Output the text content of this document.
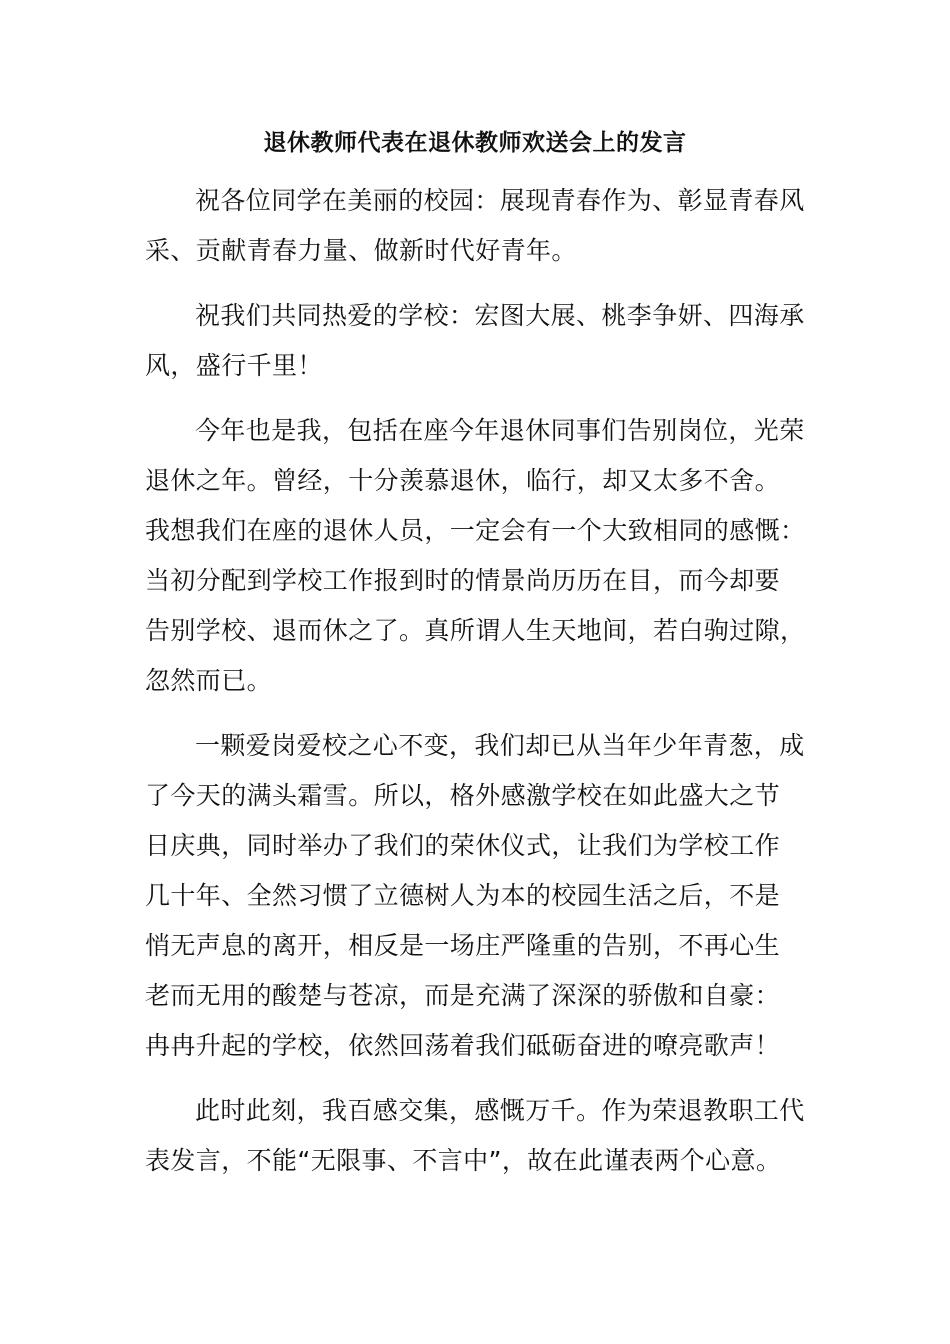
退休教师代表在退休教师欢送会上的发言

祝各位同学在美丽的校园：展现青春作为、彰显青春风
采、贡献青春力量、做新时代好青年。

祝我们共同热爱的学校：宏图大展、桃李争妍、四海承
风，盛行千里！

今年也是我，包括在座今年退休同事们告别岗位，光荣
退休之年。曾经，十分羡慕退休，临行，却又太多不舍。
我想我们在座的退休人员，一定会有一个大致相同的感慨：
当初分配到学校工作报到时的情景尚历历在目，而今却要
告别学校、退而休之了。真所谓人生天地间，若白驹过隙，
忽然而已。

一颗爱岗爱校之心不变，我们却已从当年少年青葱，成
了今天的满头霜雪。所以，格外感激学校在如此盛大之节
日庆典，同时举办了我们的荣休仪式，让我们为学校工作
几十年、全然习惯了立德树人为本的校园生活之后，不是
悄无声息的离开，相反是一场庄严隆重的告别，不再心生
老而无用的酸楚与苍凉，而是充满了深深的骄傲和自豪：
冉冉升起的学校，依然回荡着我们砥砺奋进的嘹亮歌声！

此时此刻，我百感交集，感慨万千。作为荣退教职工代
表发言，不能“无限事、不言中”，故在此谨表两个心意。
